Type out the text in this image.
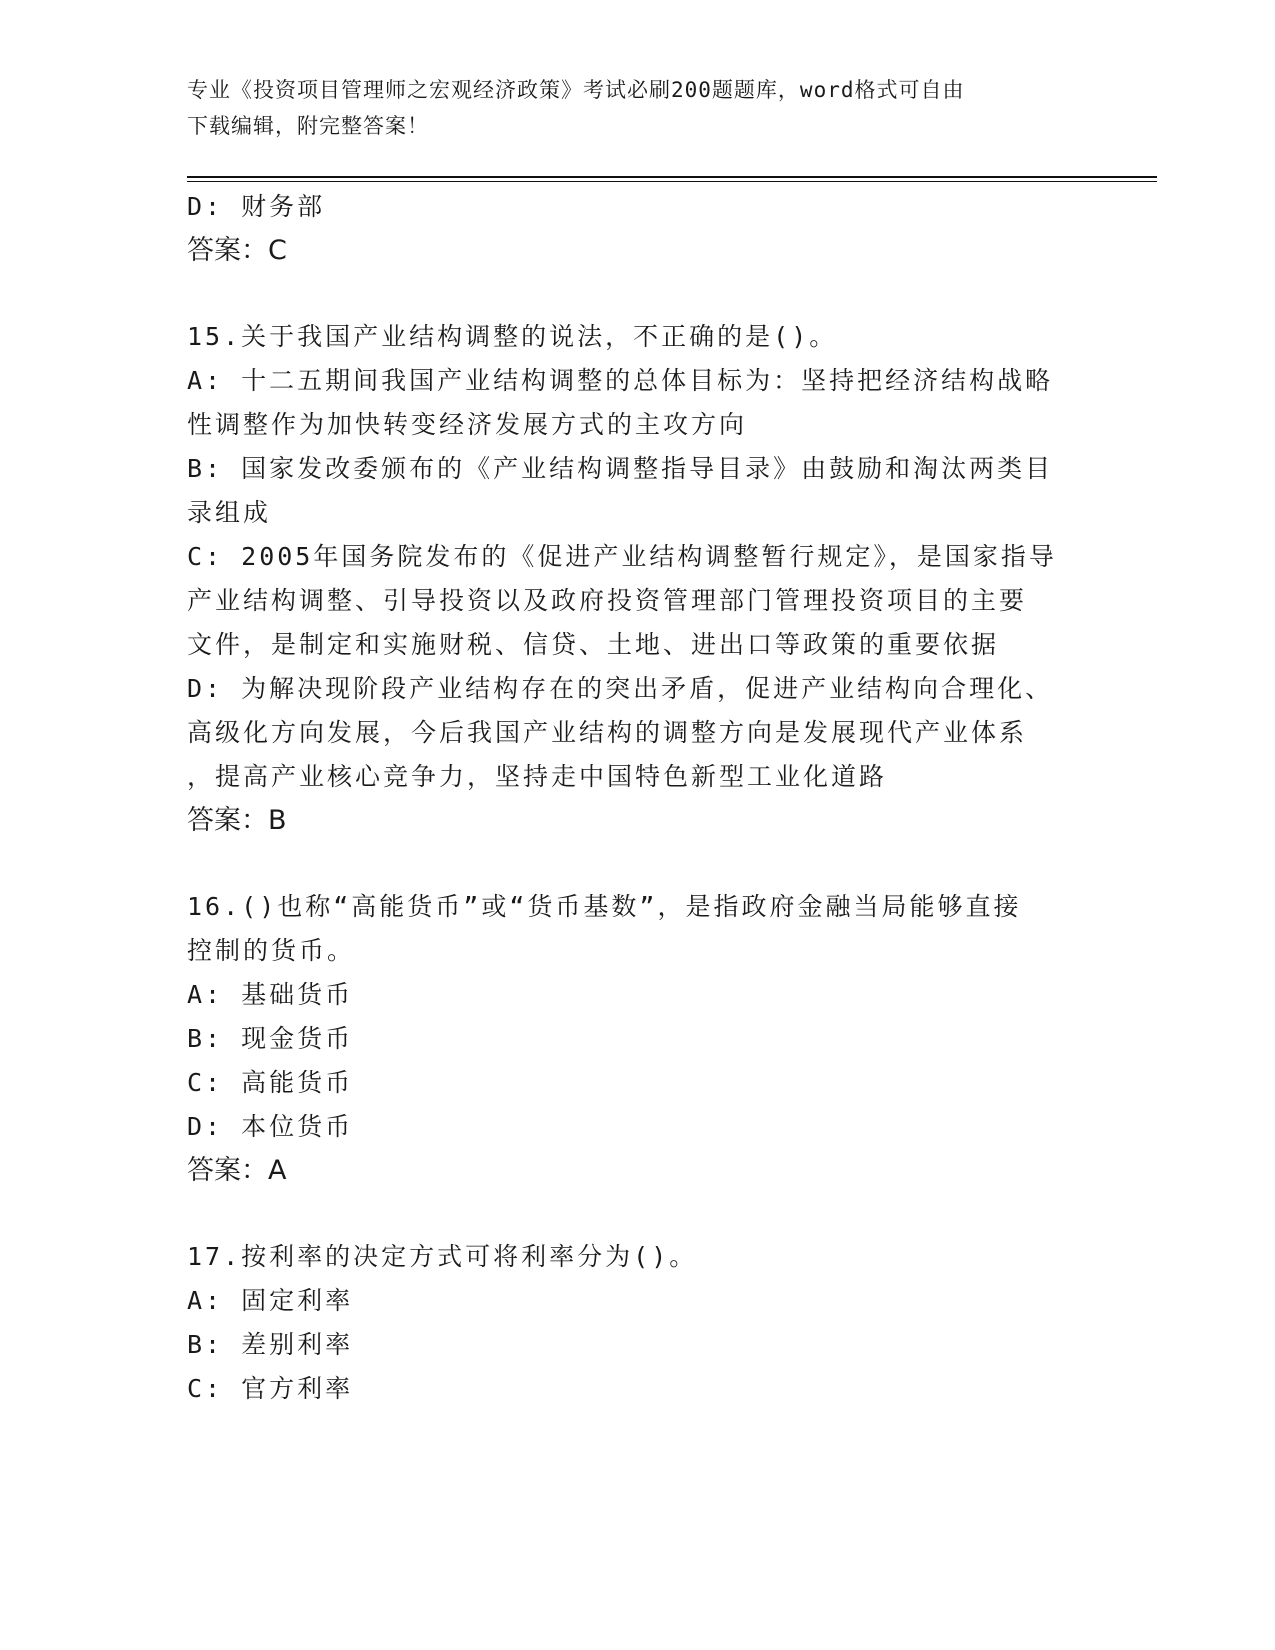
专业《投资项目管理师之宏观经济政策》考试必刷200题题库，word格式可自由
下载编辑，附完整答案！
D: 财务部
答案：C
15.关于我国产业结构调整的说法，不正确的是()。
A: 十二五期间我国产业结构调整的总体目标为：坚持把经济结构战略
性调整作为加快转变经济发展方式的主攻方向
B: 国家发改委颁布的《产业结构调整指导目录》由鼓励和淘汰两类目
录组成
C: 2005年国务院发布的《促进产业结构调整暂行规定》，是国家指导
产业结构调整、引导投资以及政府投资管理部门管理投资项目的主要
文件，是制定和实施财税、信贷、土地、进出口等政策的重要依据
D: 为解决现阶段产业结构存在的突出矛盾，促进产业结构向合理化、
高级化方向发展，今后我国产业结构的调整方向是发展现代产业体系
，提高产业核心竞争力，坚持走中国特色新型工业化道路
答案：B
16.()也称“高能货币”或“货币基数”，是指政府金融当局能够直接
控制的货币。
A: 基础货币
B: 现金货币
C: 高能货币
D: 本位货币
答案：A
17.按利率的决定方式可将利率分为()。
A: 固定利率
B: 差别利率
C: 官方利率
